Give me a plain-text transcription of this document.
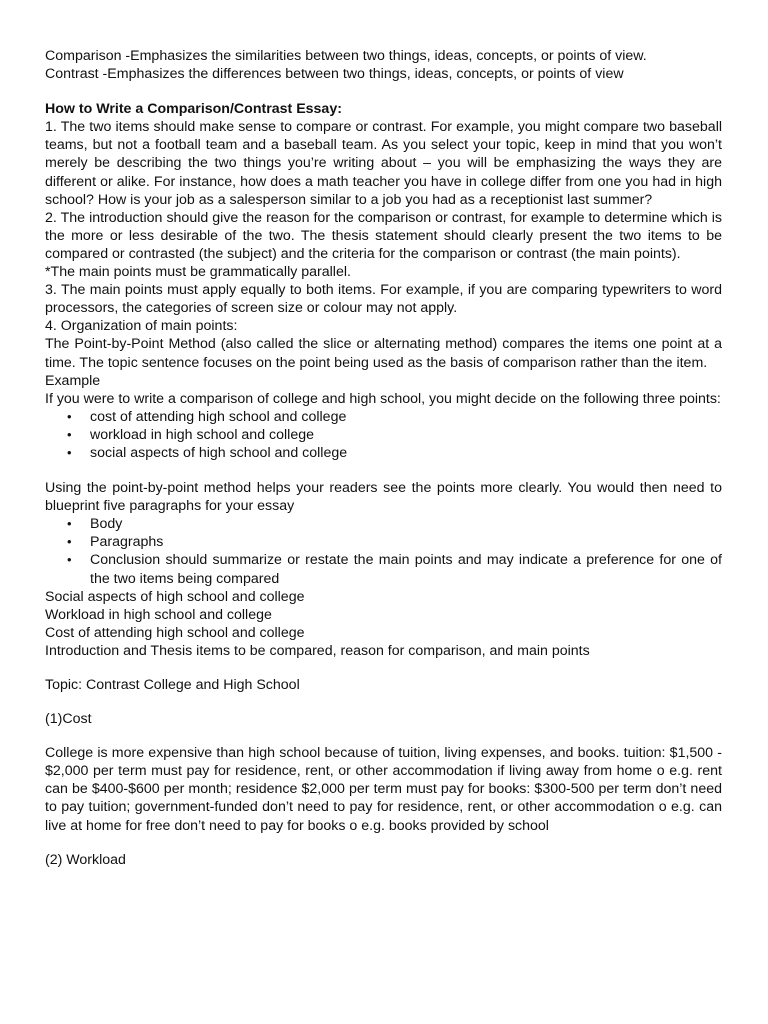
Comparison -Emphasizes the similarities between two things, ideas, concepts, or points of view.

Contrast -Emphasizes the differences between two things, ideas, concepts, or points of view

How to Write a Comparison/Contrast Essay:

1. The two items should make sense to compare or contrast. For example, you might compare two baseball teams, but not a football team and a baseball team. As you select your topic, keep in mind that you won’t merely be describing the two things you’re writing about – you will be emphasizing the ways they are different or alike. For instance, how does a math teacher you have in college differ from one you had in high school? How is your job as a salesperson similar to a job you had as a receptionist last summer?

2. The introduction should give the reason for the comparison or contrast, for example to determine which is the more or less desirable of the two. The thesis statement should clearly present the two items to be compared or contrasted (the subject) and the criteria for the comparison or contrast (the main points).

*The main points must be grammatically parallel.

3. The main points must apply equally to both items. For example, if you are comparing typewriters to word processors, the categories of screen size or colour may not apply.

4. Organization of main points:

The Point-by-Point Method (also called the slice or alternating method) compares the items one point at a time. The topic sentence focuses on the point being used as the basis of comparison rather than the item.

Example

If you were to write a comparison of college and high school, you might decide on the following three points:

• cost of attending high school and college
• workload in high school and college
• social aspects of high school and college

Using the point-by-point method helps your readers see the points more clearly. You would then need to blueprint five paragraphs for your essay

• Body
• Paragraphs
• Conclusion should summarize or restate the main points and may indicate a preference for one of the two items being compared

Social aspects of high school and college

Workload in high school and college

Cost of attending high school and college

Introduction and Thesis items to be compared, reason for comparison, and main points

Topic: Contrast College and High School

(1)Cost

College is more expensive than high school because of tuition, living expenses, and books. tuition: $1,500 - $2,000 per term must pay for residence, rent, or other accommodation if living away from home o e.g. rent can be $400-$600 per month; residence $2,000 per term must pay for books: $300-500 per term don’t need to pay tuition; government-funded don’t need to pay for residence, rent, or other accommodation o e.g. can live at home for free don’t need to pay for books o e.g. books provided by school

(2) Workload
